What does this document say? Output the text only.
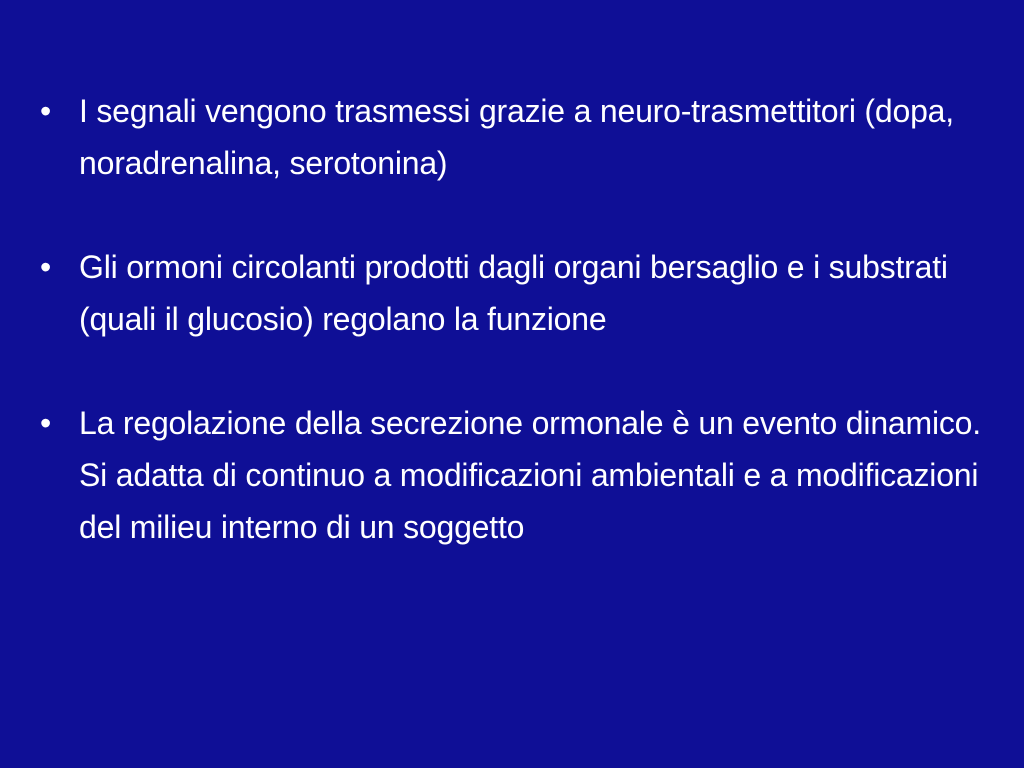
• I segnali vengono trasmessi grazie a neuro-trasmettitori (dopa, noradrenalina, serotonina)
• Gli ormoni circolanti prodotti dagli organi bersaglio e i substrati (quali il glucosio) regolano la funzione
• La regolazione della secrezione ormonale è un evento dinamico. Si adatta di continuo a modificazioni ambientali e a modificazioni del milieu interno di un soggetto
